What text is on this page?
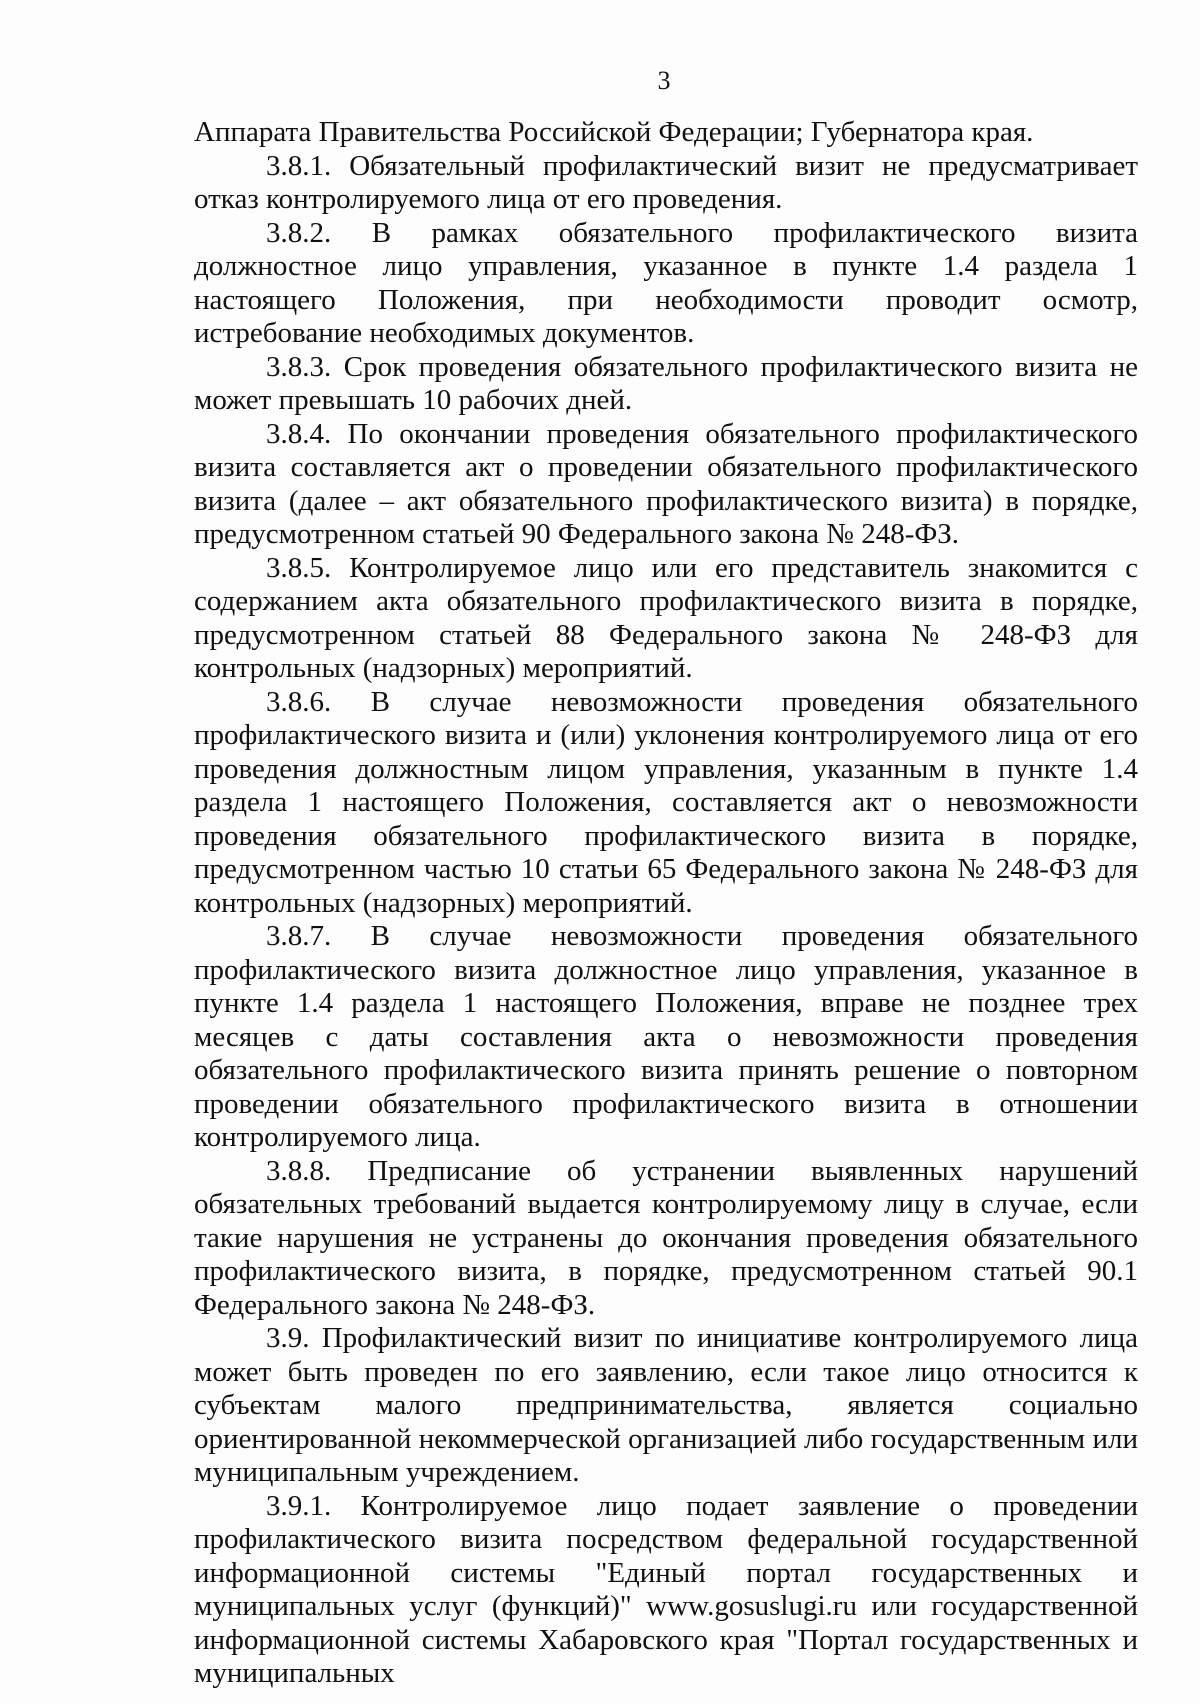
3

Аппарата Правительства Российской Федерации; Губернатора края.

3.8.1. Обязательный профилактический визит не предусматривает отказ контролируемого лица от его проведения.

3.8.2. В рамках обязательного профилактического визита должностное лицо управления, указанное в пункте 1.4 раздела 1 настоящего Положения, при необходимости проводит осмотр, истребование необходимых документов.

3.8.3. Срок проведения обязательного профилактического визита не может превышать 10 рабочих дней.

3.8.4. По окончании проведения обязательного профилактического визита составляется акт о проведении обязательного профилактического визита (далее – акт обязательного профилактического визита) в порядке, предусмотренном статьей 90 Федерального закона № 248-ФЗ.

3.8.5. Контролируемое лицо или его представитель знакомится с содержанием акта обязательного профилактического визита в порядке, предусмотренном статьей 88 Федерального закона № 248-ФЗ для контрольных (надзорных) мероприятий.

3.8.6. В случае невозможности проведения обязательного профилактического визита и (или) уклонения контролируемого лица от его проведения должностным лицом управления, указанным в пункте 1.4 раздела 1 настоящего Положения, составляется акт о невозможности проведения обязательного профилактического визита в порядке, предусмотренном частью 10 статьи 65 Федерального закона № 248-ФЗ для контрольных (надзорных) мероприятий.

3.8.7. В случае невозможности проведения обязательного профилактического визита должностное лицо управления, указанное в пункте 1.4 раздела 1 настоящего Положения, вправе не позднее трех месяцев с даты составления акта о невозможности проведения обязательного профилактического визита принять решение о повторном проведении обязательного профилактического визита в отношении контролируемого лица.

3.8.8. Предписание об устранении выявленных нарушений обязательных требований выдается контролируемому лицу в случае, если такие нарушения не устранены до окончания проведения обязательного профилактического визита, в порядке, предусмотренном статьей 90.1 Федерального закона № 248-ФЗ.

3.9. Профилактический визит по инициативе контролируемого лица может быть проведен по его заявлению, если такое лицо относится к субъектам малого предпринимательства, является социально ориентированной некоммерческой организацией либо государственным или муниципальным учреждением.

3.9.1. Контролируемое лицо подает заявление о проведении профилактического визита посредством федеральной государственной информационной системы "Единый портал государственных и муниципальных услуг (функций)" www.gosuslugi.ru или государственной информационной системы Хабаровского края "Портал государственных и муниципальных
